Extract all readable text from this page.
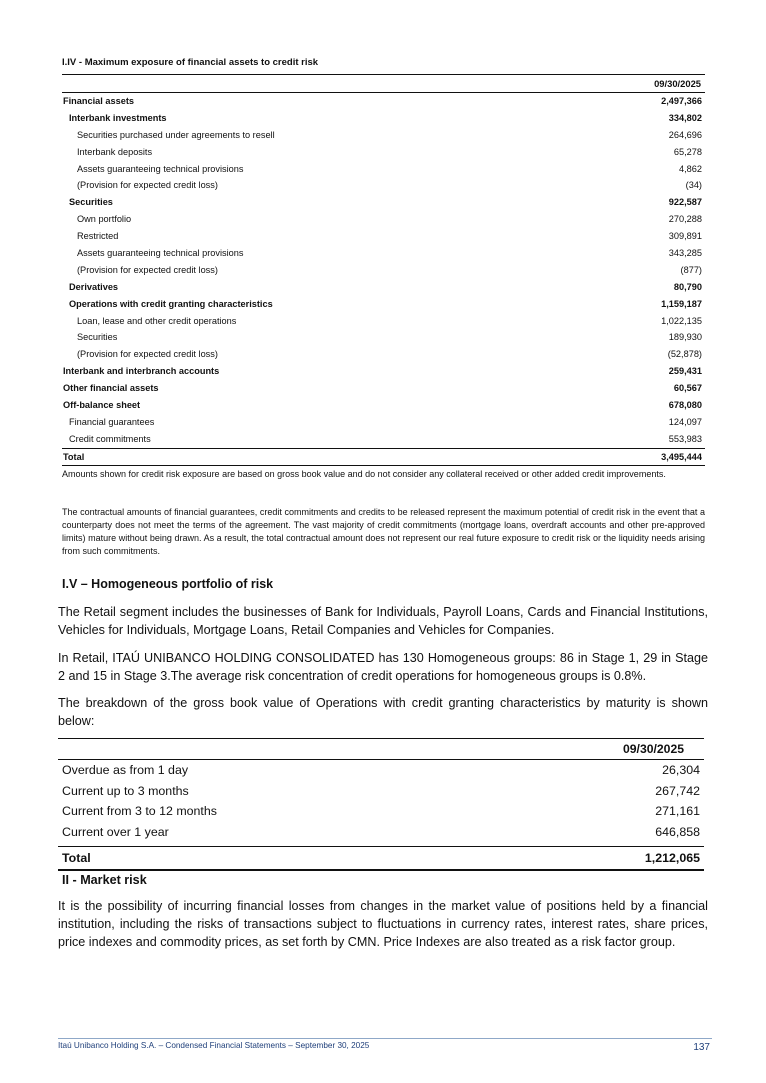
I.IV - Maximum exposure of financial assets to credit risk
09/30/2025
Financial assets	2,497,366
Interbank investments	334,802
Securities purchased under agreements to resell	264,696
Interbank deposits	65,278
Assets guaranteeing technical provisions	4,862
(Provision for expected credit loss)	(34)
Securities	922,587
Own portfolio	270,288
Restricted	309,891
Assets guaranteeing technical provisions	343,285
(Provision for expected credit loss)	(877)
Derivatives	80,790
Operations with credit granting characteristics	1,159,187
Loan, lease and other credit operations	1,022,135
Securities	189,930
(Provision for expected credit loss)	(52,878)
Interbank and interbranch accounts	259,431
Other financial assets	60,567
Off-balance sheet	678,080
Financial guarantees	124,097
Credit commitments	553,983
Total	3,495,444
Amounts shown for credit risk exposure are based on gross book value and do not consider any collateral received or other added credit improvements.
The contractual amounts of financial guarantees, credit commitments and credits to be released represent the maximum potential of credit risk in the event that a counterparty does not meet the terms of the agreement. The vast majority of credit commitments (mortgage loans, overdraft accounts and other pre-approved limits) mature without being drawn. As a result, the total contractual amount does not represent our real future exposure to credit risk or the liquidity needs arising from such commitments.
I.V – Homogeneous portfolio of risk
The Retail segment includes the businesses of Bank for Individuals, Payroll Loans, Cards and Financial Institutions, Vehicles for Individuals, Mortgage Loans, Retail Companies and Vehicles for Companies.
In Retail, ITAÚ UNIBANCO HOLDING CONSOLIDATED has 130 Homogeneous groups: 86 in Stage 1, 29 in Stage 2 and 15 in Stage 3.The average risk concentration of credit operations for homogeneous groups is 0.8%.
The breakdown of the gross book value of Operations with credit granting characteristics by maturity is shown below:
09/30/2025
Overdue as from 1 day	26,304
Current up to 3 months	267,742
Current from 3 to 12 months	271,161
Current over 1 year	646,858
Total	1,212,065
II - Market risk
It is the possibility of incurring financial losses from changes in the market value of positions held by a financial institution, including the risks of transactions subject to fluctuations in currency rates, interest rates, share prices, price indexes and commodity prices, as set forth by CMN. Price Indexes are also treated as a risk factor group.
Itaú Unibanco Holding S.A. – Condensed Financial Statements – September 30, 2025	137
